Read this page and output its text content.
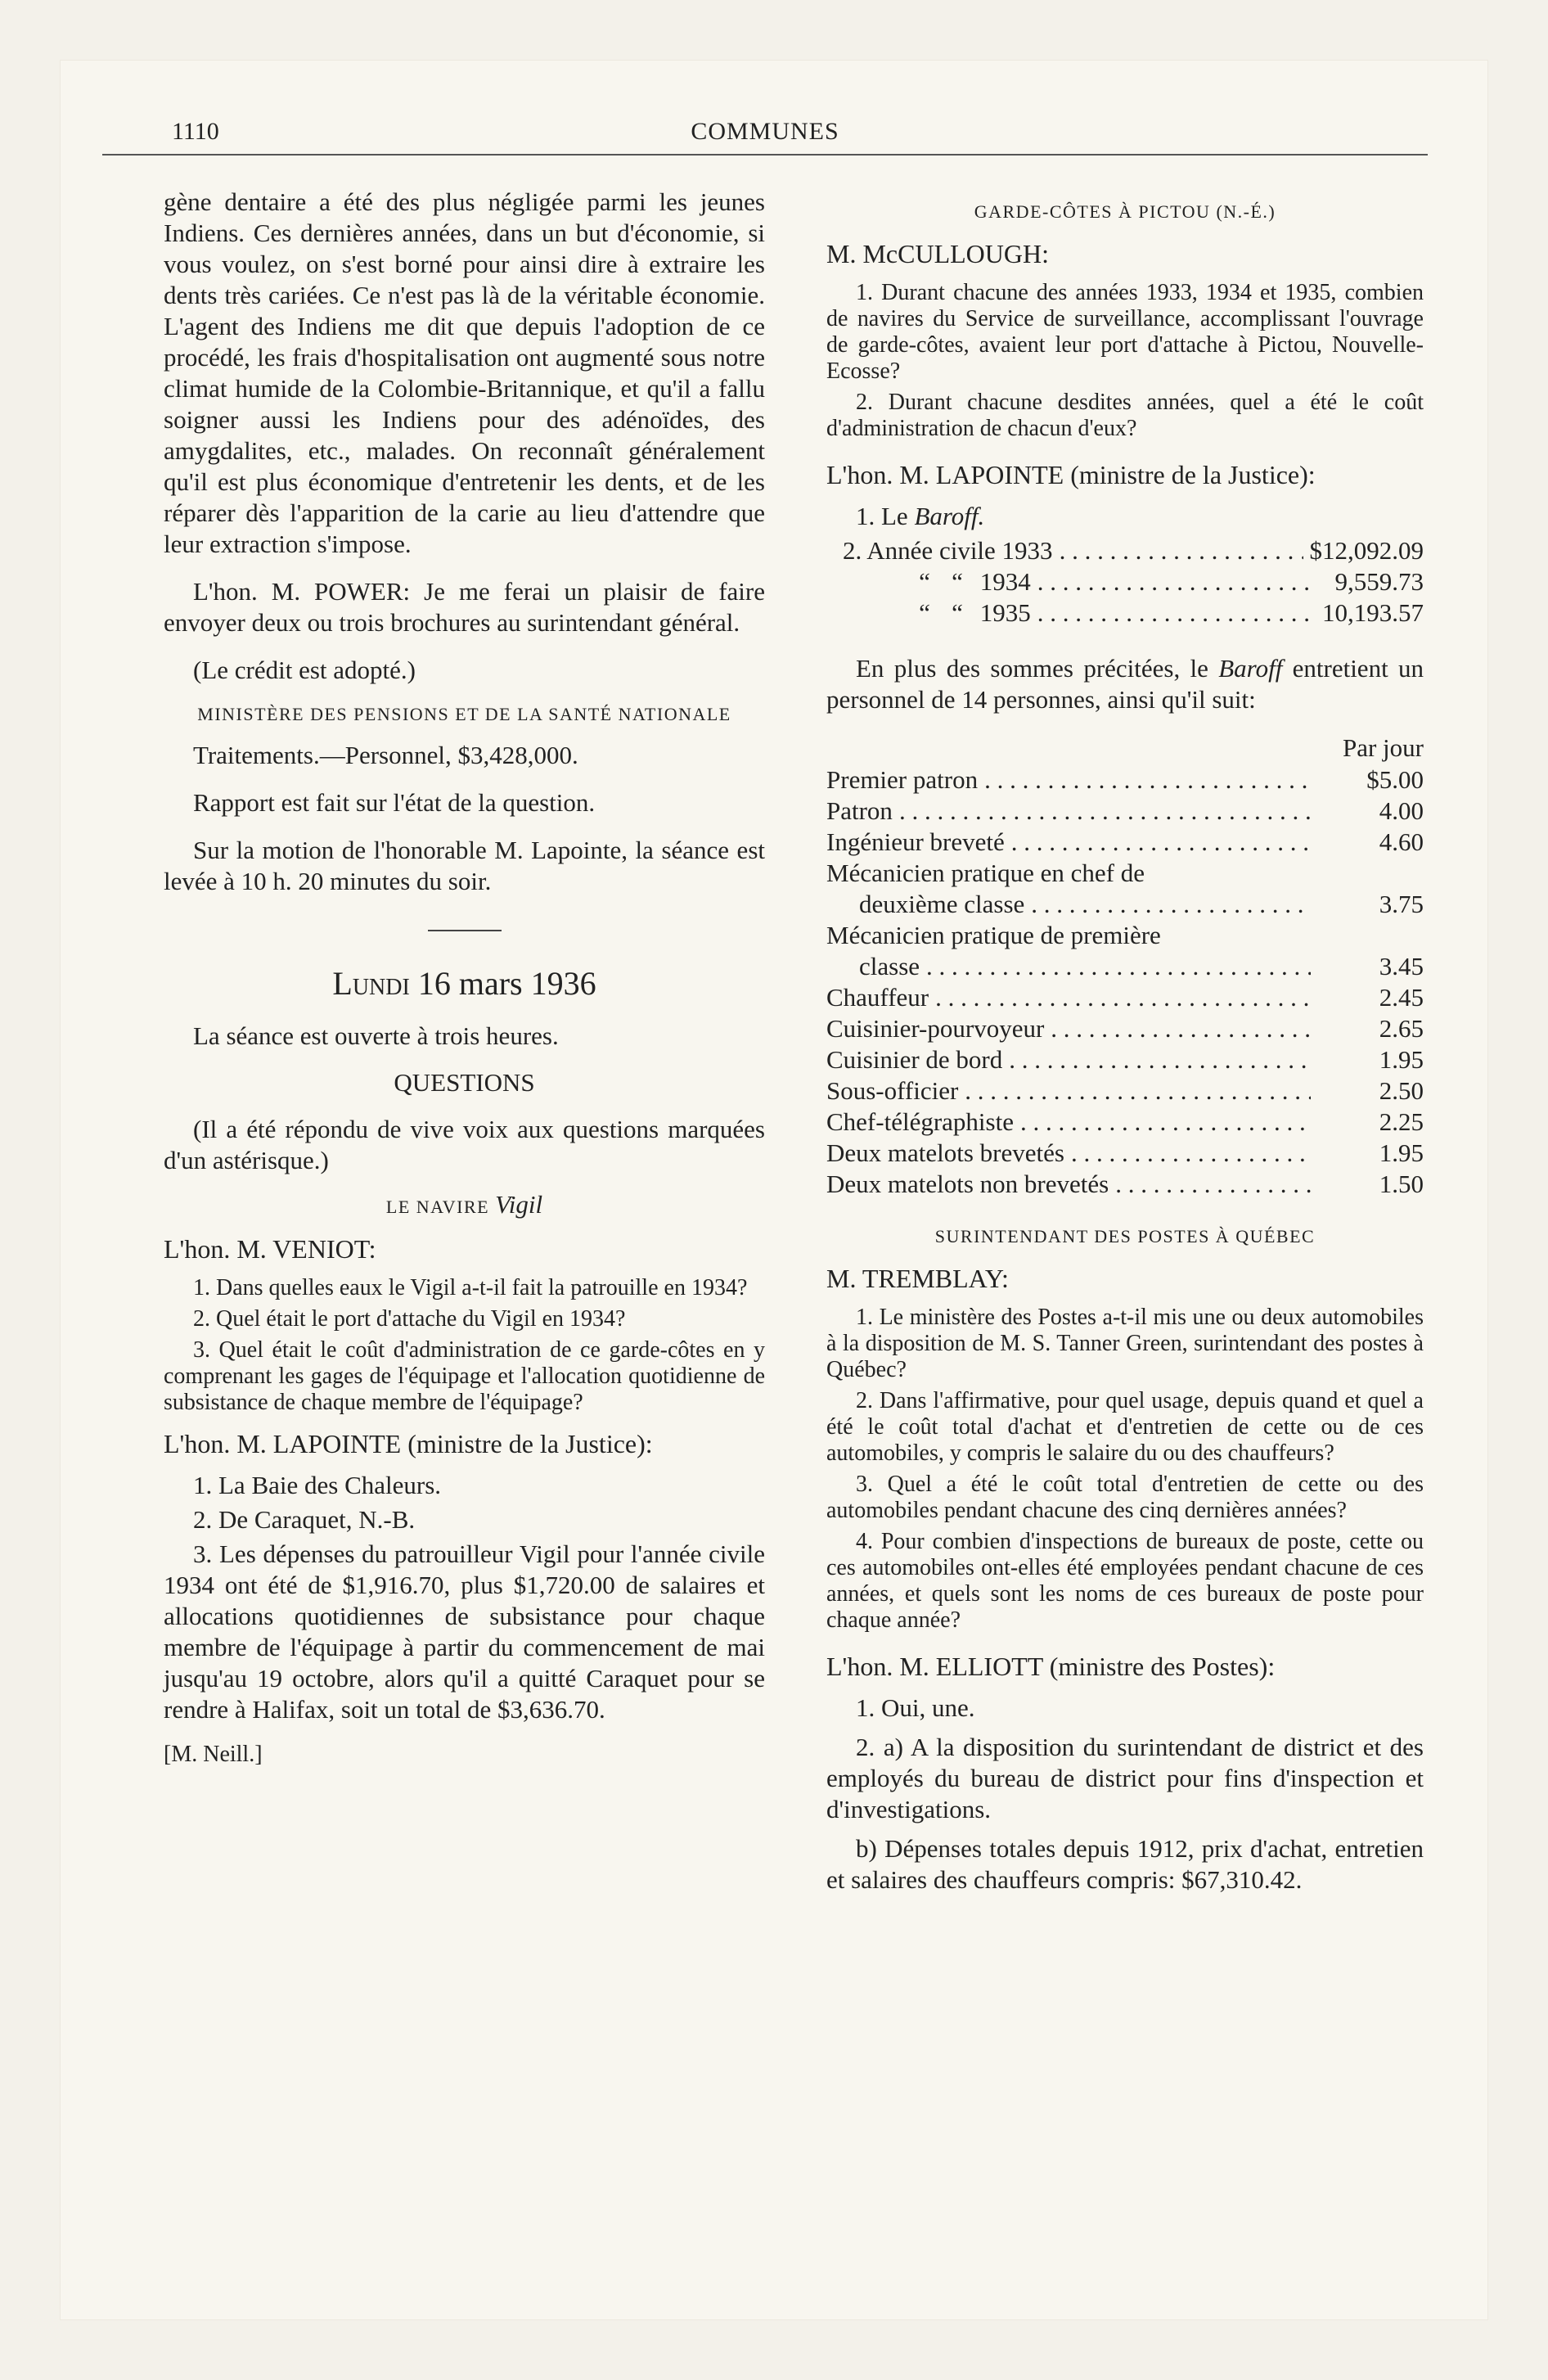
1110	COMMUNES

gène dentaire a été des plus négligée parmi les jeunes Indiens. Ces dernières années, dans un but d'économie, si vous voulez, on s'est borné pour ainsi dire à extraire les dents très cariées. Ce n'est pas là de la véritable économie. L'agent des Indiens me dit que depuis l'adoption de ce procédé, les frais d'hospitalisation ont augmenté sous notre climat humide de la Colombie-Britannique, et qu'il a fallu soigner aussi les Indiens pour des adénoïdes, des amygdalites, etc., malades. On reconnaît généralement qu'il est plus économique d'entretenir les dents, et de les réparer dès l'apparition de la carie au lieu d'attendre que leur extraction s'impose.

L'hon. M. POWER: Je me ferai un plaisir de faire envoyer deux ou trois brochures au surintendant général.

(Le crédit est adopté.)

MINISTÈRE DES PENSIONS ET DE LA SANTÉ NATIONALE

Traitements.—Personnel, $3,428,000.

Rapport est fait sur l'état de la question.

Sur la motion de l'honorable M. Lapointe, la séance est levée à 10 h. 20 minutes du soir.

Lundi 16 mars 1936

La séance est ouverte à trois heures.

QUESTIONS

(Il a été répondu de vive voix aux questions marquées d'un astérisque.)

LE NAVIRE Vigil
L'hon. M. VENIOT:

1. Dans quelles eaux le Vigil a-t-il fait la patrouille en 1934?

2. Quel était le port d'attache du Vigil en 1934?

3. Quel était le coût d'administration de ce garde-côtes en y comprenant les gages de l'équipage et l'allocation quotidienne de subsistance de chaque membre de l'équipage?

L'hon. M. LAPOINTE (ministre de la Justice):

1. La Baie des Chaleurs.

2. De Caraquet, N.-B.

3. Les dépenses du patrouilleur Vigil pour l'année civile 1934 ont été de $1,916.70, plus $1,720.00 de salaires et allocations quotidiennes de subsistance pour chaque membre de l'équipage à partir du commencement de mai jusqu'au 19 octobre, alors qu'il a quitté Caraquet pour se rendre à Halifax, soit un total de $3,636.70.

[M. Neill.]
GARDE-CÔTES À PICTOU (N.-É.)
M. McCULLOUGH:

1. Durant chacune des années 1933, 1934 et 1935, combien de navires du Service de surveillance, accomplissant l'ouvrage de garde-côtes, avaient leur port d'attache à Pictou, Nouvelle-Ecosse?

2. Durant chacune desdites années, quel a été le coût d'administration de chacun d'eux?

L'hon. M. LAPOINTE (ministre de la Justice):

1. Le Baroff.

2. Année civile 1933 . . .	$12,092.09
“ “ 1934 . . .	9,559.73
“ “ 1935 . . .	10,193.57

En plus des sommes précitées, le Baroff entretient un personnel de 14 personnes, ainsi qu'il suit:

Par jour
Premier patron . . .	$5.00
Patron . . .	4.00
Ingénieur breveté . . .	4.60
Mécanicien pratique en chef de
deuxième classe . . .	3.75
Mécanicien pratique de première
classe . . .	3.45
Chauffeur . . .	2.45
Cuisinier-pourvoyeur . . .	2.65
Cuisinier de bord . . .	1.95
Sous-officier . . .	2.50
Chef-télégraphiste . . .	2.25
Deux matelots brevetés . . .	1.95
Deux matelots non brevetés . . .	1.50
SURINTENDANT DES POSTES À QUÉBEC
M. TREMBLAY:

1. Le ministère des Postes a-t-il mis une ou deux automobiles à la disposition de M. S. Tanner Green, surintendant des postes à Québec?

2. Dans l'affirmative, pour quel usage, depuis quand et quel a été le coût total d'achat et d'entretien de cette ou de ces automobiles, y compris le salaire du ou des chauffeurs?

3. Quel a été le coût total d'entretien de cette ou des automobiles pendant chacune des cinq dernières années?

4. Pour combien d'inspections de bureaux de poste, cette ou ces automobiles ont-elles été employées pendant chacune de ces années, et quels sont les noms de ces bureaux de poste pour chaque année?

L'hon. M. ELLIOTT (ministre des Postes):

1. Oui, une.

2. a) A la disposition du surintendant de district et des employés du bureau de district pour fins d'inspection et d'investigations.

b) Dépenses totales depuis 1912, prix d'achat, entretien et salaires des chauffeurs compris: $67,310.42.
